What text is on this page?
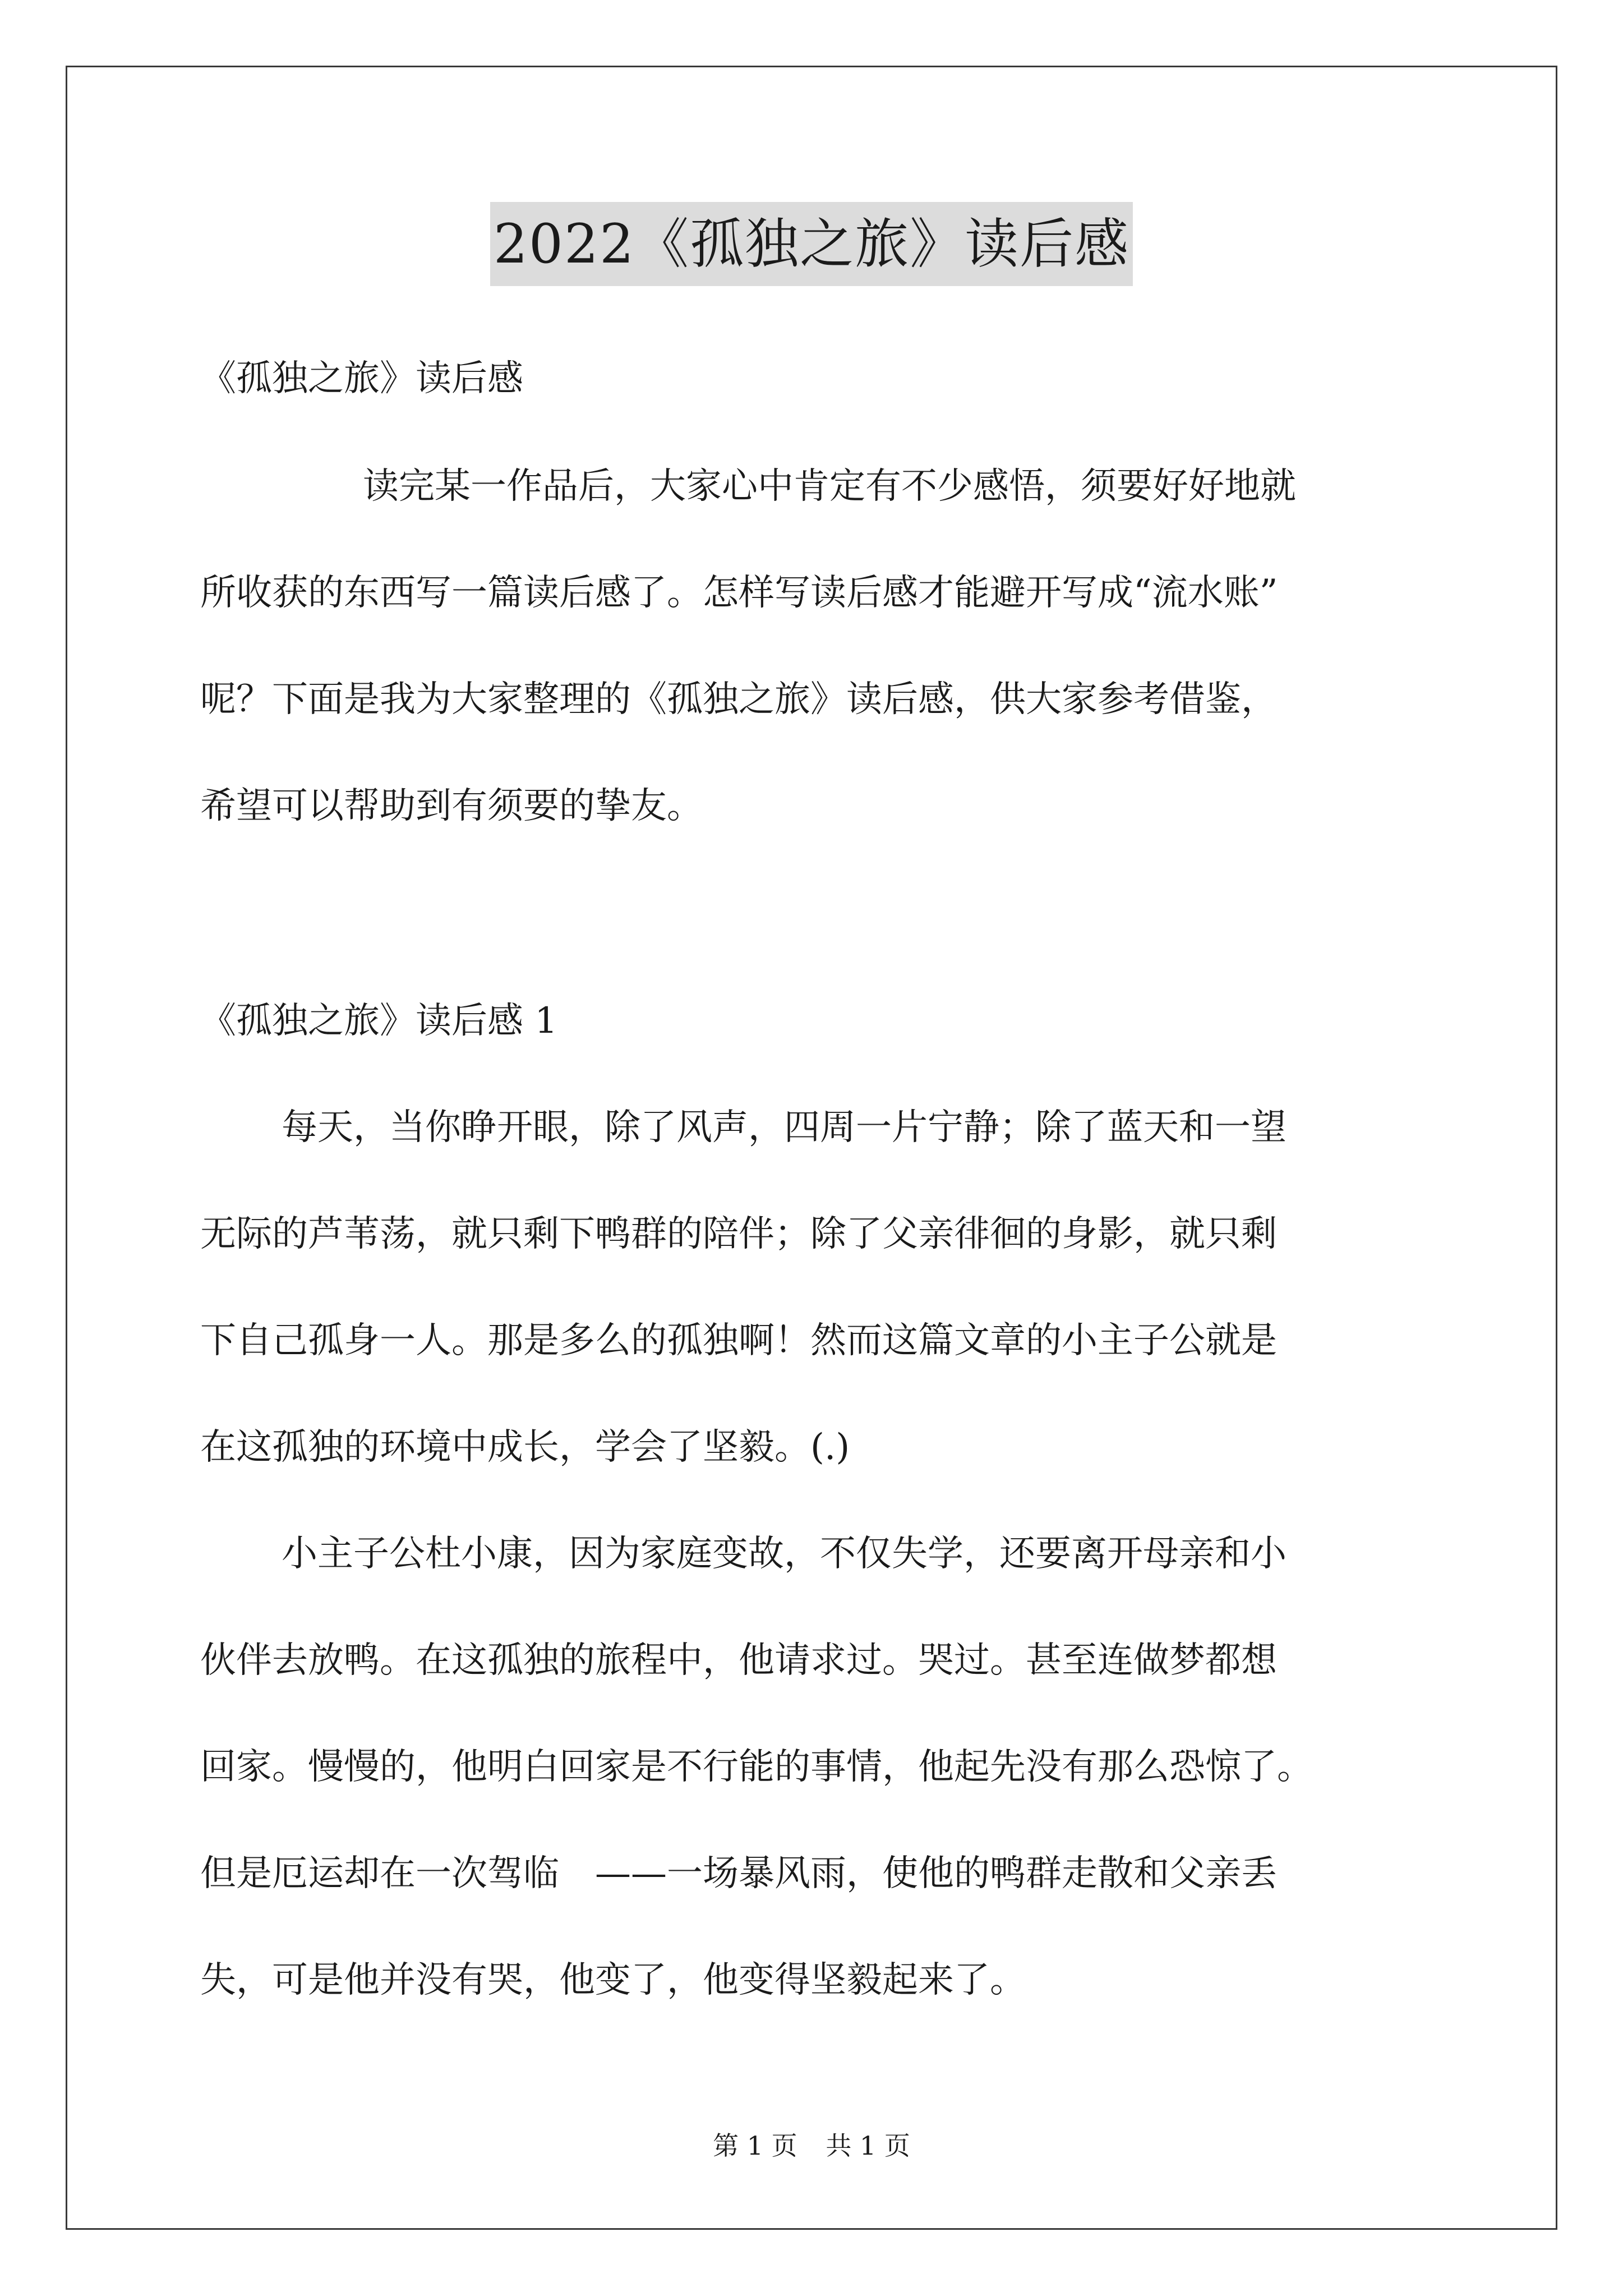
2022《孤独之旅》读后感
《孤独之旅》读后感
读完某一作品后，大家心中肯定有不少感悟，须要好好地就
所收获的东西写一篇读后感了。怎样写读后感才能避开写成“流水账”
呢？下面是我为大家整理的《孤独之旅》读后感，供大家参考借鉴，
希望可以帮助到有须要的挚友。
《孤独之旅》读后感 1
每天，当你睁开眼，除了风声，四周一片宁静；除了蓝天和一望
无际的芦苇荡，就只剩下鸭群的陪伴；除了父亲徘徊的身影，就只剩
下自己孤身一人。那是多么的孤独啊！然而这篇文章的小主子公就是
在这孤独的环境中成长，学会了坚毅。(.)
小主子公杜小康，因为家庭变故，不仅失学，还要离开母亲和小
伙伴去放鸭。在这孤独的旅程中，他请求过。哭过。甚至连做梦都想
回家。慢慢的，他明白回家是不行能的事情，他起先没有那么恐惊了。
但是厄运却在一次驾临　——一场暴风雨，使他的鸭群走散和父亲丢
失，可是他并没有哭，他变了，他变得坚毅起来了。
第 1 页 共 1 页
